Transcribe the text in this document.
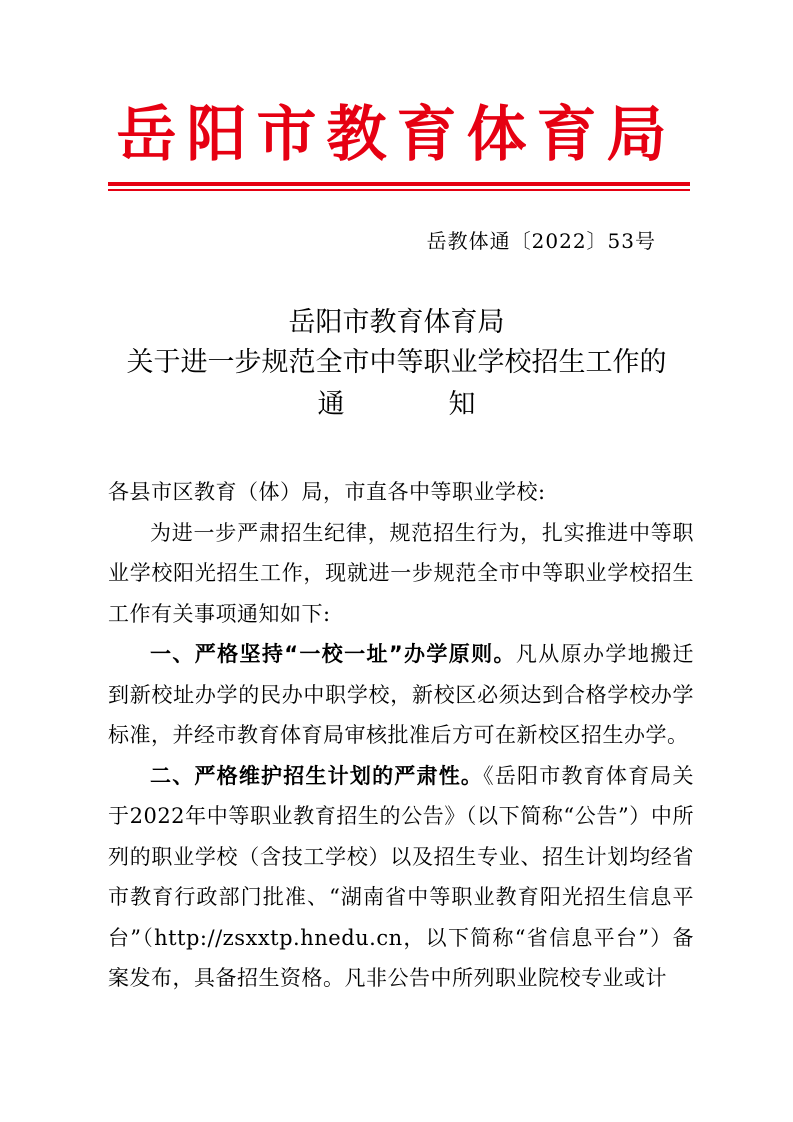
岳阳市教育体育局
岳教体通〔2022〕53号
岳阳市教育体育局
关于进一步规范全市中等职业学校招生工作的
通	知

各县市区教育（体）局，市直各中等职业学校:

为进一步严肃招生纪律，规范招生行为，扎实推进中等职业学校阳光招生工作，现就进一步规范全市中等职业学校招生工作有关事项通知如下:

一、严格坚持“一校一址”办学原则。凡从原办学地搬迁到新校址办学的民办中职学校，新校区必须达到合格学校办学标准，并经市教育体育局审核批准后方可在新校区招生办学。

二、严格维护招生计划的严肃性。《岳阳市教育体育局关于2022年中等职业教育招生的公告》（以下简称“公告”）中所列的职业学校（含技工学校）以及招生专业、招生计划均经省市教育行政部门批准、“湖南省中等职业教育阳光招生信息平台”（http://zsxxtp.hnedu.cn，以下简称“省信息平台”）备案发布，具备招生资格。凡非公告中所列职业院校专业或计
